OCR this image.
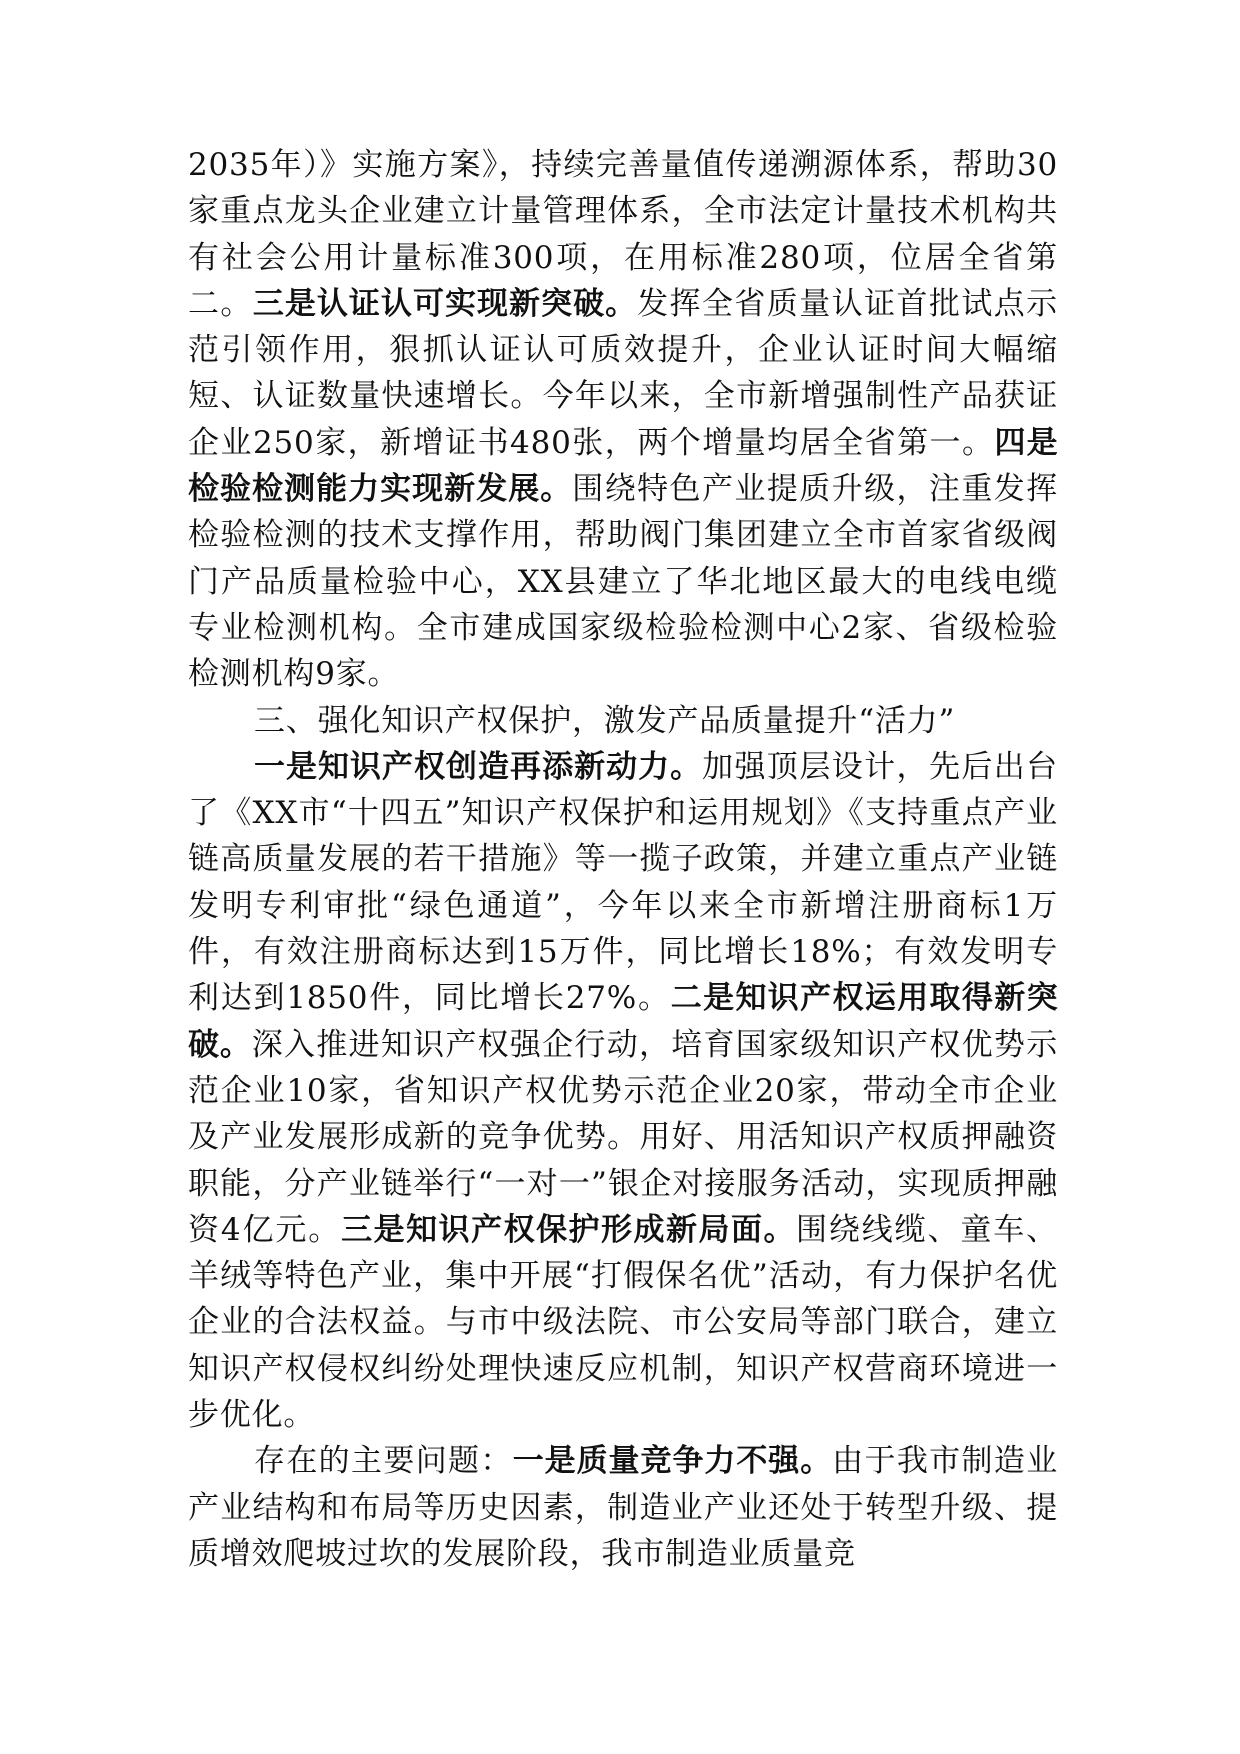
2035年）》实施方案》，持续完善量值传递溯源体系，帮助30家重点龙头企业建立计量管理体系，全市法定计量技术机构共有社会公用计量标准300项，在用标准280项，位居全省第二。三是认证认可实现新突破。发挥全省质量认证首批试点示范引领作用，狠抓认证认可质效提升，企业认证时间大幅缩短、认证数量快速增长。今年以来，全市新增强制性产品获证企业250家，新增证书480张，两个增量均居全省第一。四是检验检测能力实现新发展。围绕特色产业提质升级，注重发挥检验检测的技术支撑作用，帮助阀门集团建立全市首家省级阀门产品质量检验中心，XX县建立了华北地区最大的电线电缆专业检测机构。全市建成国家级检验检测中心2家、省级检验检测机构9家。

三、强化知识产权保护，激发产品质量提升“活力”

一是知识产权创造再添新动力。加强顶层设计，先后出台了《XX市“十四五”知识产权保护和运用规划》《支持重点产业链高质量发展的若干措施》等一揽子政策，并建立重点产业链发明专利审批“绿色通道”，今年以来全市新增注册商标1万件，有效注册商标达到15万件，同比增长18%；有效发明专利达到1850件，同比增长27%。二是知识产权运用取得新突破。深入推进知识产权强企行动，培育国家级知识产权优势示范企业10家，省知识产权优势示范企业20家，带动全市企业及产业发展形成新的竞争优势。用好、用活知识产权质押融资职能，分产业链举行“一对一”银企对接服务活动，实现质押融资4亿元。三是知识产权保护形成新局面。围绕线缆、童车、羊绒等特色产业，集中开展“打假保名优”活动，有力保护名优企业的合法权益。与市中级法院、市公安局等部门联合，建立知识产权侵权纠纷处理快速反应机制，知识产权营商环境进一步优化。

存在的主要问题：一是质量竞争力不强。由于我市制造业产业结构和布局等历史因素，制造业产业还处于转型升级、提质增效爬坡过坎的发展阶段，我市制造业质量竞
